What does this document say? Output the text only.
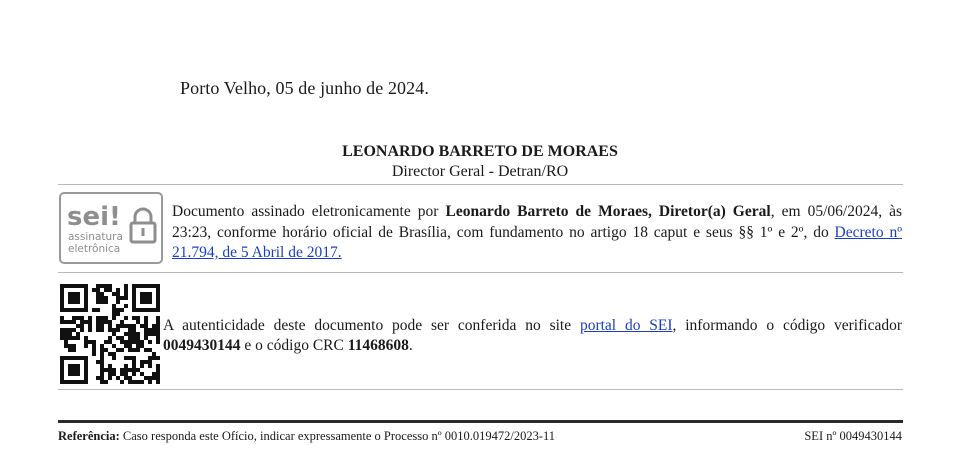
Porto Velho, 05 de junho de 2024.
LEONARDO BARRETO DE MORAES
Director Geral - Detran/RO
sei!
assinatura
eletrônica
Documento assinado eletronicamente por Leonardo Barreto de Moraes, Diretor(a) Geral, em 05/06/2024, às 23:23, conforme horário oficial de Brasília, com fundamento no artigo 18 caput e seus §§ 1º e 2º, do Decreto nº 21.794, de 5 Abril de 2017.
A autenticidade deste documento pode ser conferida no site portal do SEI, informando o código verificador 0049430144 e o código CRC 11468608.
Referência: Caso responda este Ofício, indicar expressamente o Processo nº 0010.019472/2023-11	SEI nº 0049430144
